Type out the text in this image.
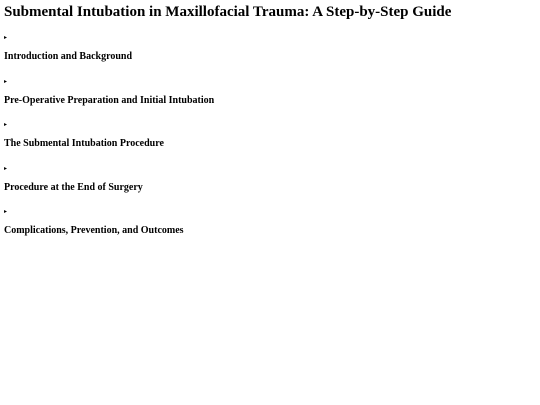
Submental Intubation in Maxillofacial Trauma: A Step-by-Step Guide
▸
Introduction and Background
▸
Pre-Operative Preparation and Initial Intubation
▸
The Submental Intubation Procedure
▸
Procedure at the End of Surgery
▸
Complications, Prevention, and Outcomes
